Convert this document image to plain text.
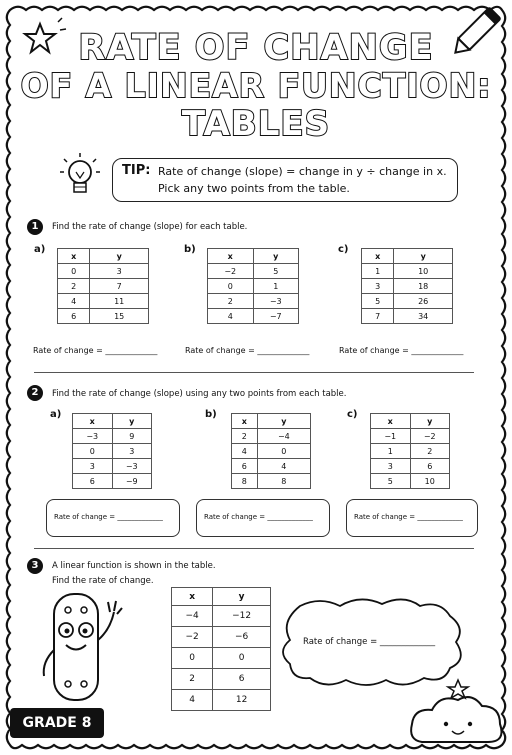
RATE OF CHANGE
OF A LINEAR FUNCTION:
TABLES
TIP: Rate of change (slope) = change in y ÷ change in x.
Pick any two points from the table.
1	Find the rate of change (slope) for each table.
a)
x	y
0	3
2	7
4	11
6	15
b)
x	y
−2	5
0	1
2	−3
4	−7
c)
x	y
1	10
3	18
5	26
7	34
Rate of change = _____________	Rate of change = _____________	Rate of change = _____________
2	Find the rate of change (slope) using any two points from each table.
a)
x	y
−3	9
0	3
3	−3
6	−9
b)
x	y
2	−4
4	0
6	4
8	8
c)
x	y
−1	−2
1	2
3	6
5	10
Rate of change = _____________	Rate of change = _____________	Rate of change = _____________
3	A linear function is shown in the table.
Find the rate of change.
x	y
−4	−12
−2	−6
0	0
2	6
4	12
Rate of change = _____________
GRADE 8
